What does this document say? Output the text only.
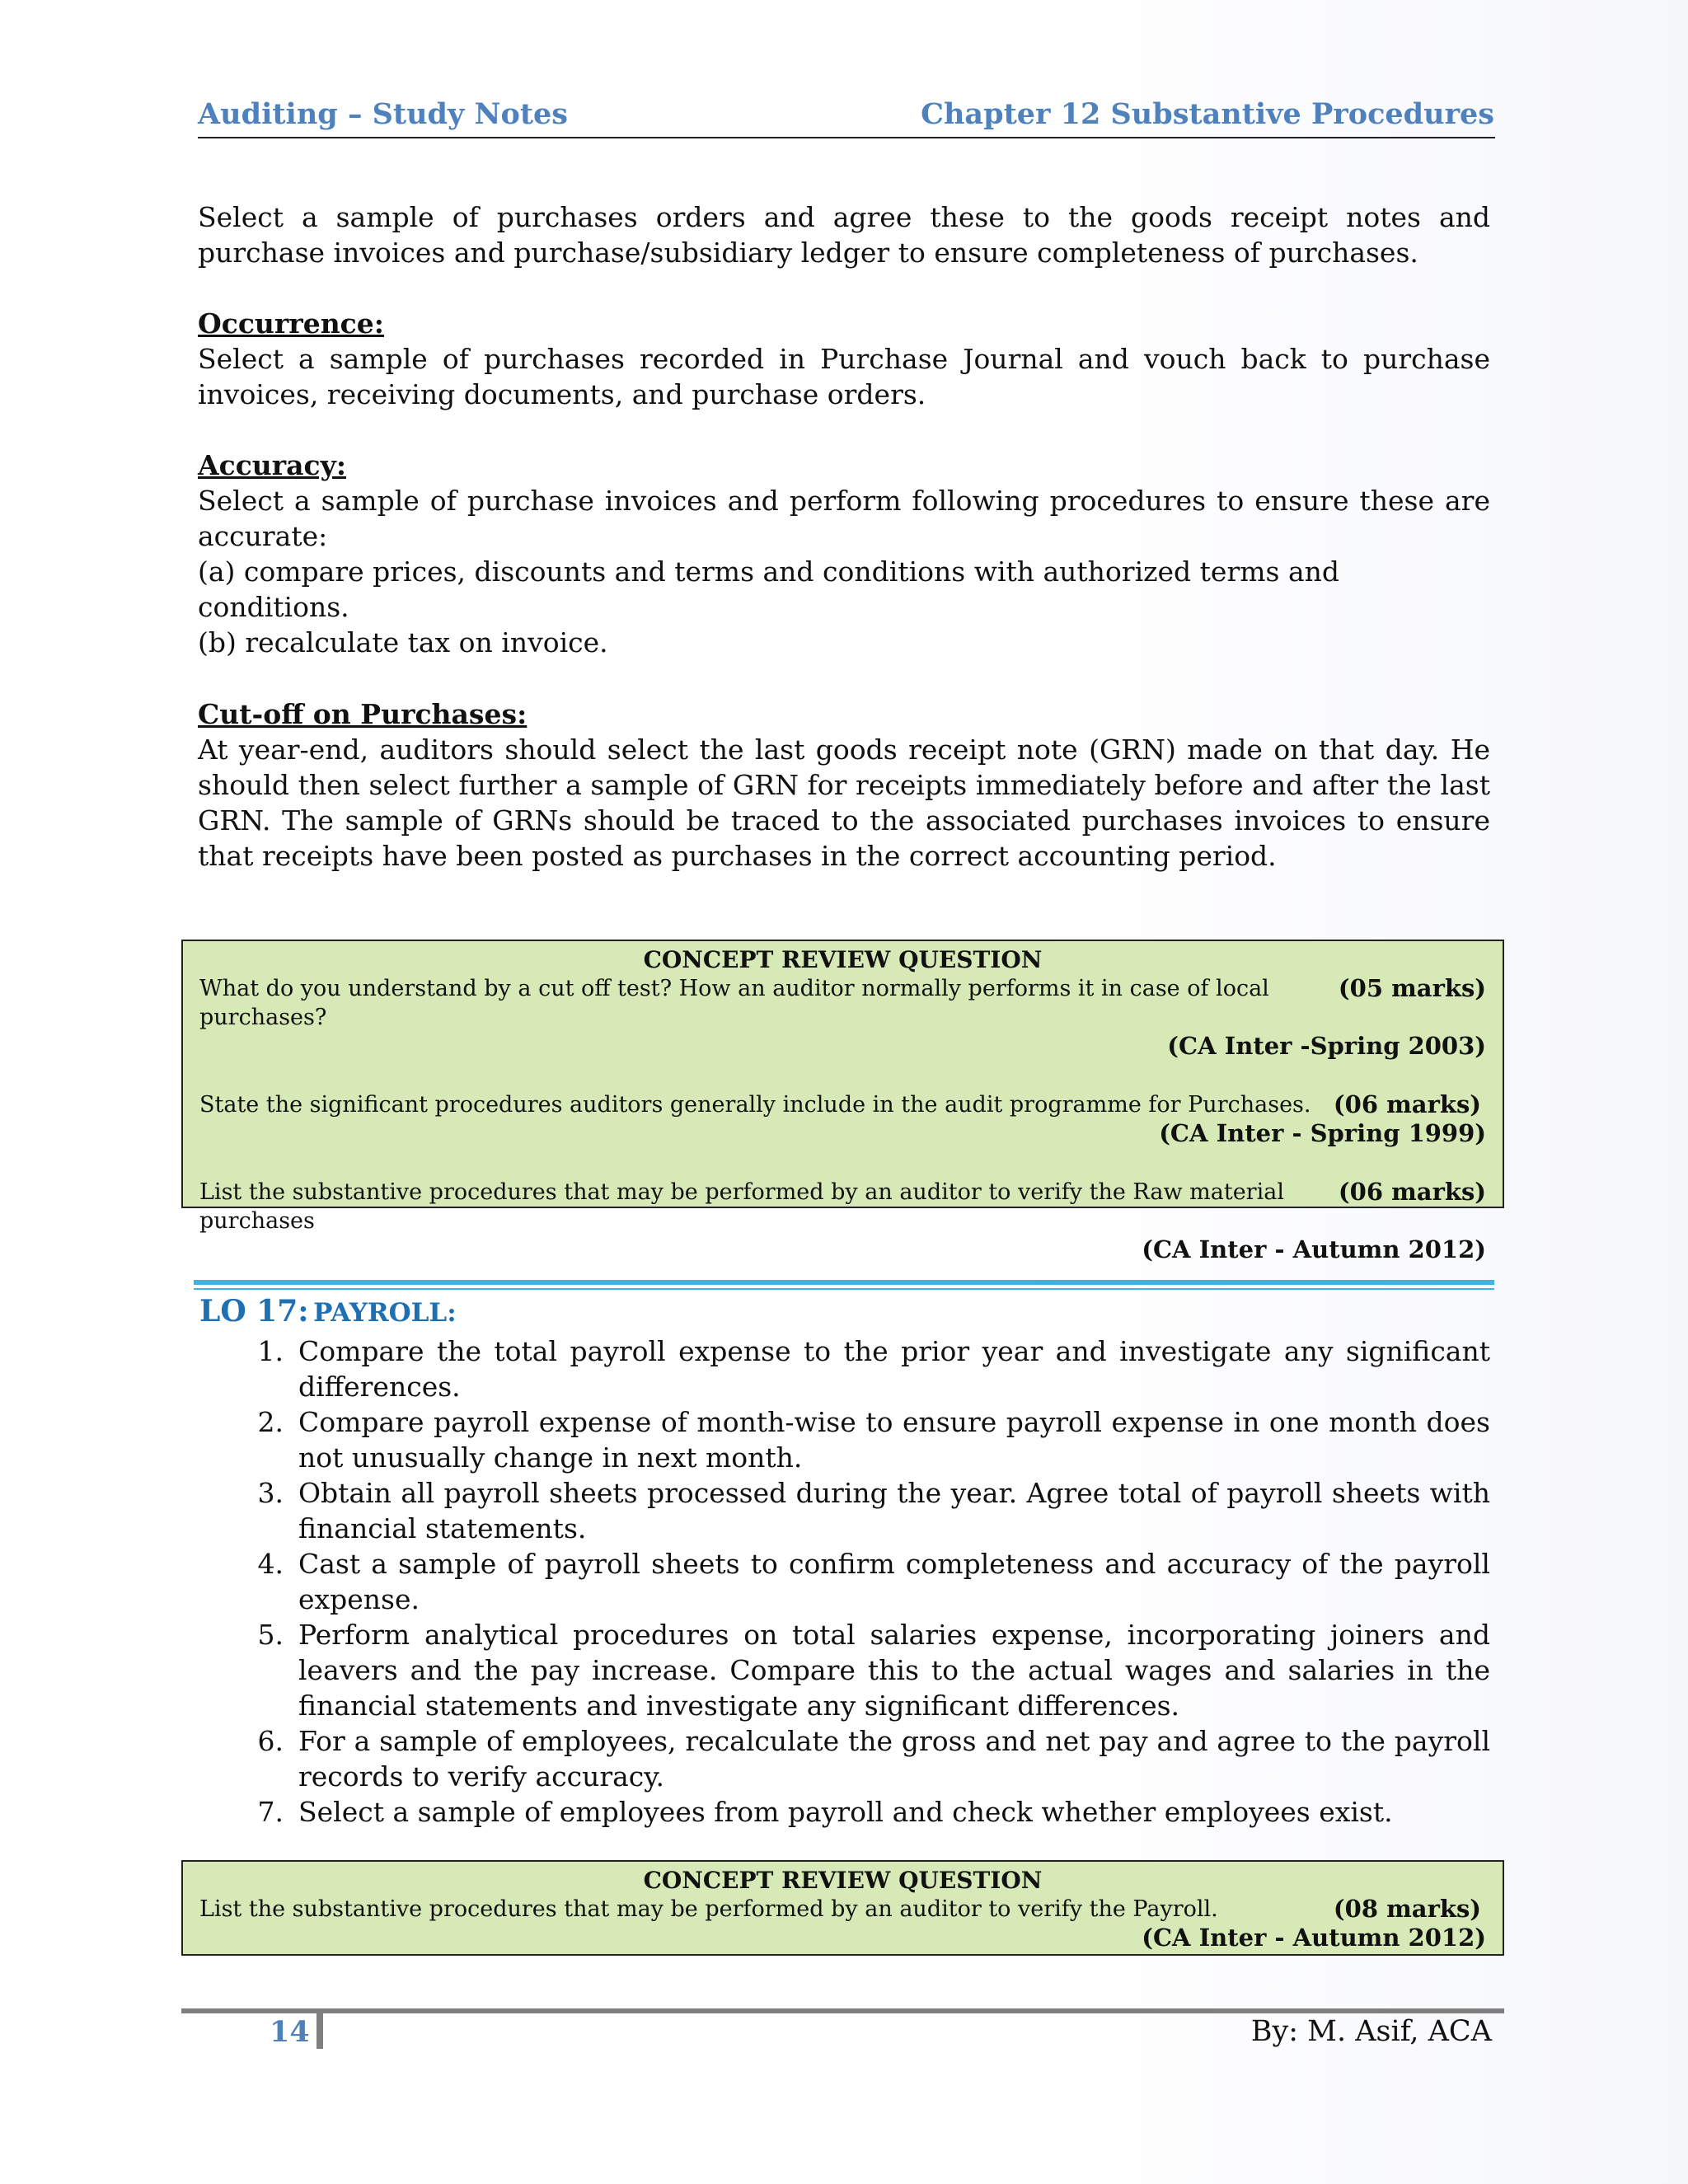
Auditing – Study Notes	Chapter 12 Substantive Procedures
Select a sample of purchases orders and agree these to the goods receipt notes and purchase invoices and purchase/subsidiary ledger to ensure completeness of purchases.
Occurrence:
Select a sample of purchases recorded in Purchase Journal and vouch back to purchase invoices, receiving documents, and purchase orders.
Accuracy:
Select a sample of purchase invoices and perform following procedures to ensure these are accurate:
(a) compare prices, discounts and terms and conditions with authorized terms and conditions.
(b) recalculate tax on invoice.
Cut-off on Purchases:
At year-end, auditors should select the last goods receipt note (GRN) made on that day. He should then select further a sample of GRN for receipts immediately before and after the last GRN. The sample of GRNs should be traced to the associated purchases invoices to ensure that receipts have been posted as purchases in the correct accounting period.
CONCEPT REVIEW QUESTION
What do you understand by a cut off test? How an auditor normally performs it in case of local purchases?
(05 marks)
(CA Inter -Spring 2003)
State the significant procedures auditors generally include in the audit programme for Purchases. (06 marks)
(CA Inter - Spring 1999)
List the substantive procedures that may be performed by an auditor to verify the Raw material purchases
(06 marks)
(CA Inter - Autumn 2012)
LO 17: PAYROLL:
1. Compare the total payroll expense to the prior year and investigate any significant differences.
2. Compare payroll expense of month-wise to ensure payroll expense in one month does not unusually change in next month.
3. Obtain all payroll sheets processed during the year. Agree total of payroll sheets with financial statements.
4. Cast a sample of payroll sheets to confirm completeness and accuracy of the payroll expense.
5. Perform analytical procedures on total salaries expense, incorporating joiners and leavers and the pay increase. Compare this to the actual wages and salaries in the financial statements and investigate any significant differences.
6. For a sample of employees, recalculate the gross and net pay and agree to the payroll records to verify accuracy.
7. Select a sample of employees from payroll and check whether employees exist.
CONCEPT REVIEW QUESTION
List the substantive procedures that may be performed by an auditor to verify the Payroll.	(08 marks)
(CA Inter - Autumn 2012)
14	By: M. Asif, ACA
